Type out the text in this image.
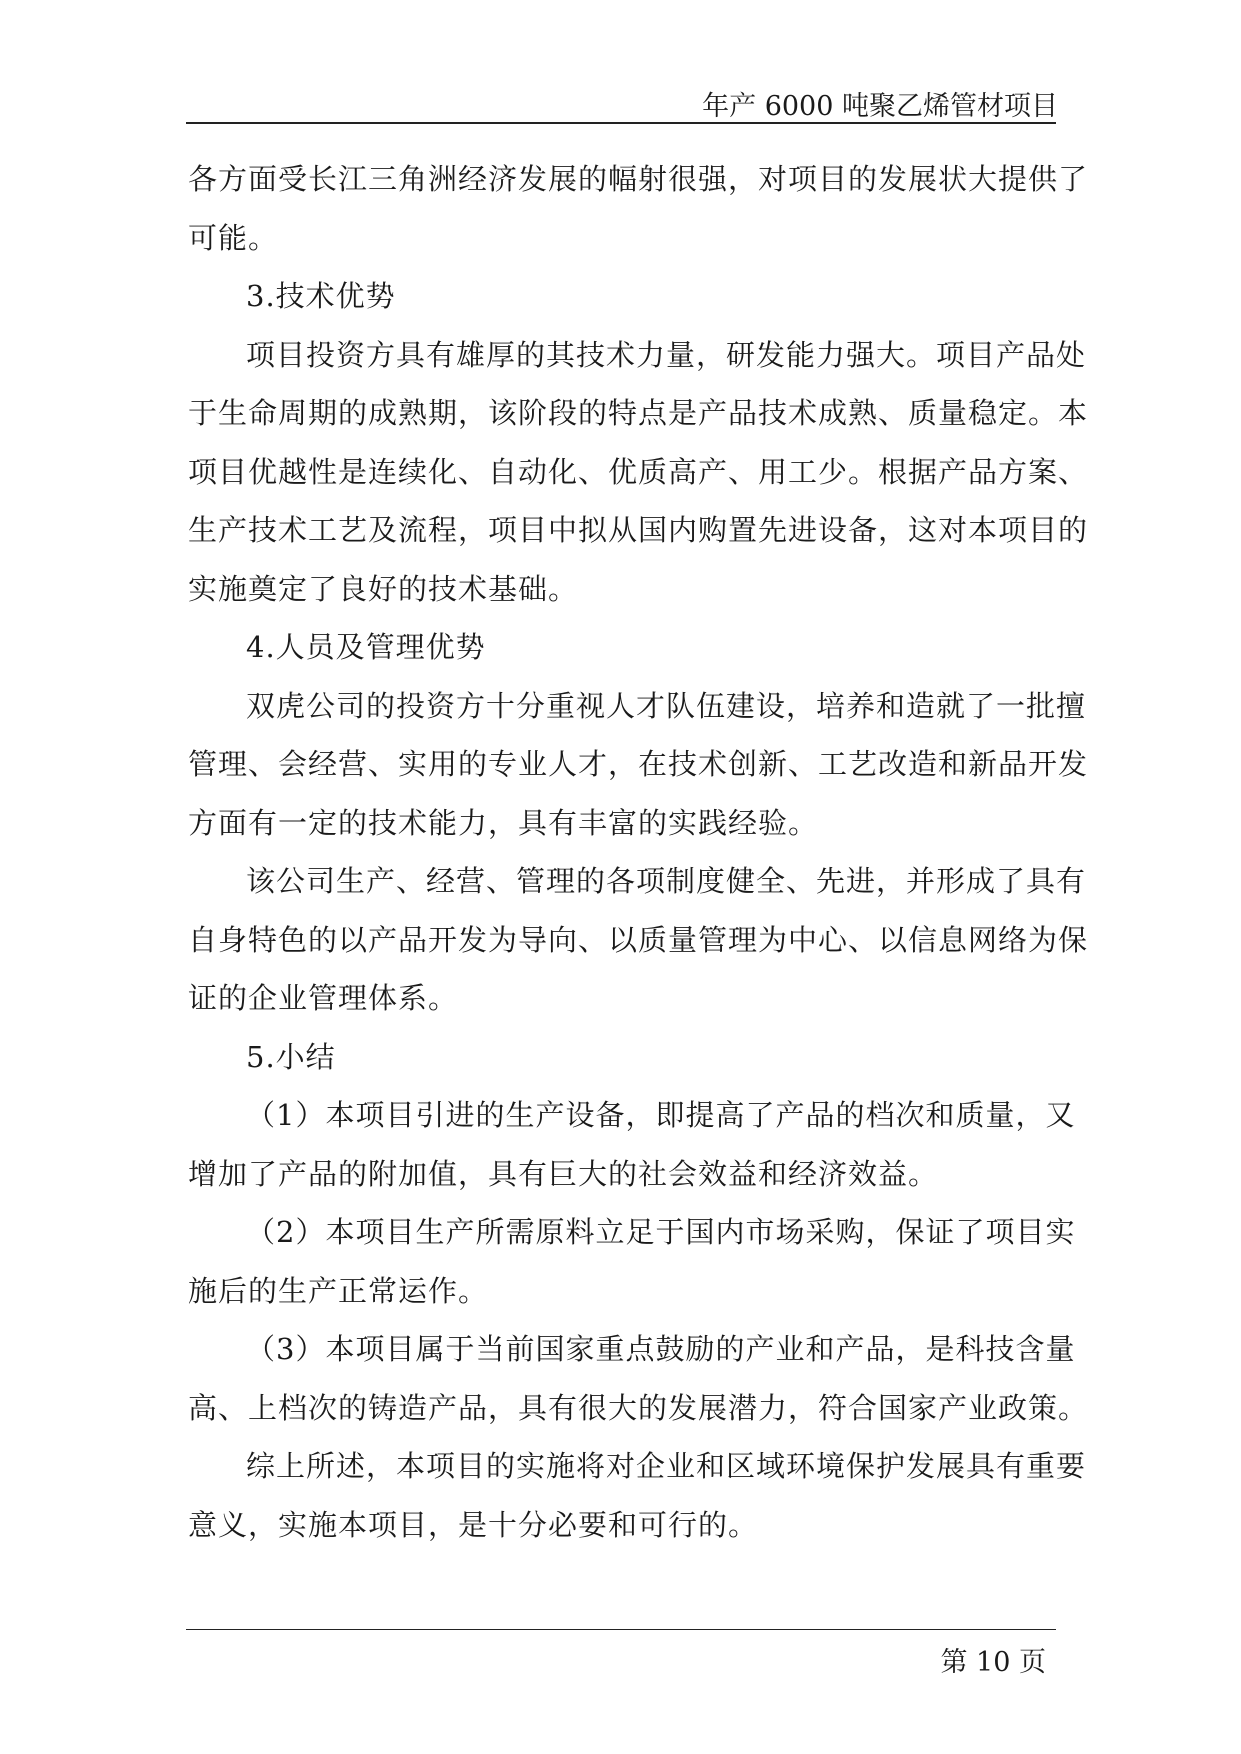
年产 6000 吨聚乙烯管材项目
各方面受长江三角洲经济发展的幅射很强，对项目的发展状大提供了
可能。
3.技术优势
项目投资方具有雄厚的其技术力量，研发能力强大。项目产品处
于生命周期的成熟期，该阶段的特点是产品技术成熟、质量稳定。本
项目优越性是连续化、自动化、优质高产、用工少。根据产品方案、
生产技术工艺及流程，项目中拟从国内购置先进设备，这对本项目的
实施奠定了良好的技术基础。
4.人员及管理优势
双虎公司的投资方十分重视人才队伍建设，培养和造就了一批擅
管理、会经营、实用的专业人才，在技术创新、工艺改造和新品开发
方面有一定的技术能力，具有丰富的实践经验。
该公司生产、经营、管理的各项制度健全、先进，并形成了具有
自身特色的以产品开发为导向、以质量管理为中心、以信息网络为保
证的企业管理体系。
5.小结
（1）本项目引进的生产设备，即提高了产品的档次和质量，又
增加了产品的附加值，具有巨大的社会效益和经济效益。
（2）本项目生产所需原料立足于国内市场采购，保证了项目实
施后的生产正常运作。
（3）本项目属于当前国家重点鼓励的产业和产品，是科技含量
高、上档次的铸造产品，具有很大的发展潜力，符合国家产业政策。
综上所述，本项目的实施将对企业和区域环境保护发展具有重要
意义，实施本项目，是十分必要和可行的。
第 10 页
